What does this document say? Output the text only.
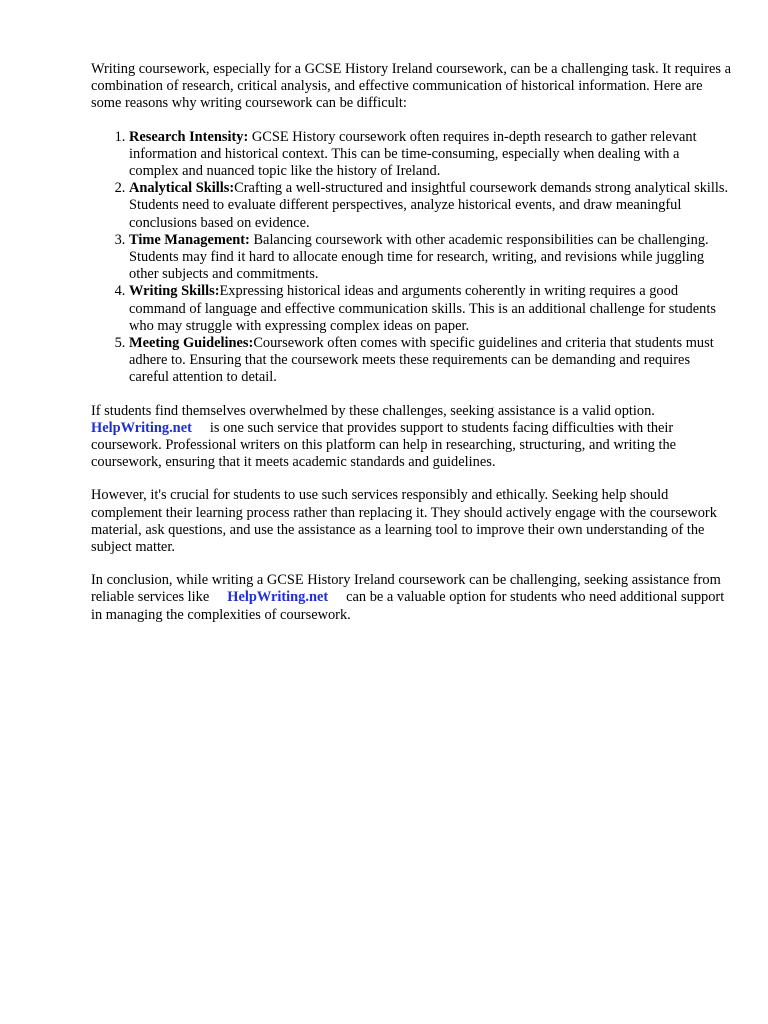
Writing coursework, especially for a GCSE History Ireland coursework, can be a challenging task. It requires a combination of research, critical analysis, and effective communication of historical information. Here are some reasons why writing coursework can be difficult:

1. Research Intensity: GCSE History coursework often requires in-depth research to gather relevant information and historical context. This can be time-consuming, especially when dealing with a complex and nuanced topic like the history of Ireland.
2. Analytical Skills:Crafting a well-structured and insightful coursework demands strong analytical skills. Students need to evaluate different perspectives, analyze historical events, and draw meaningful conclusions based on evidence.
3. Time Management: Balancing coursework with other academic responsibilities can be challenging. Students may find it hard to allocate enough time for research, writing, and revisions while juggling other subjects and commitments.
4. Writing Skills:Expressing historical ideas and arguments coherently in writing requires a good command of language and effective communication skills. This is an additional challenge for students who may struggle with expressing complex ideas on paper.
5. Meeting Guidelines:Coursework often comes with specific guidelines and criteria that students must adhere to. Ensuring that the coursework meets these requirements can be demanding and requires careful attention to detail.

If students find themselves overwhelmed by these challenges, seeking assistance is a valid option.
HelpWriting.net is one such service that provides support to students facing difficulties with their coursework. Professional writers on this platform can help in researching, structuring, and writing the coursework, ensuring that it meets academic standards and guidelines.

However, it's crucial for students to use such services responsibly and ethically. Seeking help should complement their learning process rather than replacing it. They should actively engage with the coursework material, ask questions, and use the assistance as a learning tool to improve their own understanding of the subject matter.

In conclusion, while writing a GCSE History Ireland coursework can be challenging, seeking assistance from reliable services like HelpWriting.net can be a valuable option for students who need additional support in managing the complexities of coursework.
